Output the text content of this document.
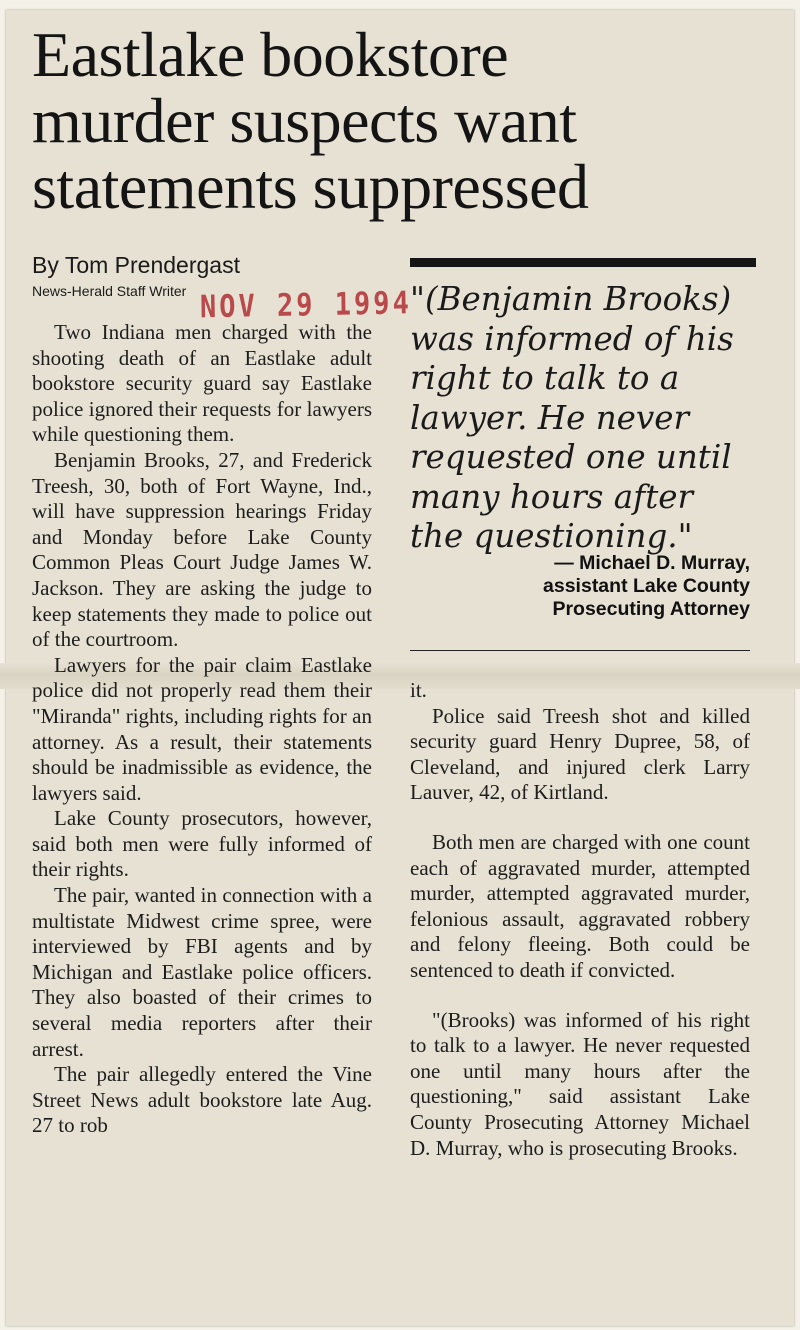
Eastlake bookstore
murder suspects want
statements suppressed
By Tom Prendergast
News-Herald Staff Writer NOV 29 1994

Two Indiana men charged with the shooting death of an Eastlake adult bookstore security guard say Eastlake police ignored their requests for lawyers while questioning them.

Benjamin Brooks, 27, and Frederick Treesh, 30, both of Fort Wayne, Ind., will have suppression hearings Friday and Monday before Lake County Common Pleas Court Judge James W. Jackson. They are asking the judge to keep statements they made to police out of the courtroom.

Lawyers for the pair claim Eastlake police did not properly read them their "Miranda" rights, including rights for an attorney. As a result, their statements should be inadmissible as evidence, the lawyers said.

Lake County prosecutors, however, said both men were fully informed of their rights.

The pair, wanted in connection with a multistate Midwest crime spree, were interviewed by FBI agents and by Michigan and Eastlake police officers. They also boasted of their crimes to several media reporters after their arrest.

The pair allegedly entered the Vine Street News adult bookstore late Aug. 27 to rob

"(Benjamin Brooks) was informed of his right to talk to a lawyer. He never requested one until many hours after the questioning."
— Michael D. Murray,
assistant Lake County
Prosecuting Attorney

it.

Police said Treesh shot and killed security guard Henry Dupree, 58, of Cleveland, and injured clerk Larry Lauver, 42, of Kirtland.

Both men are charged with one count each of aggravated murder, attempted murder, attempted aggravated murder, felonious assault, aggravated robbery and felony fleeing. Both could be sentenced to death if convicted.

"(Brooks) was informed of his right to talk to a lawyer. He never requested one until many hours after the questioning," said assistant Lake County Prosecuting Attorney Michael D. Murray, who is prosecuting Brooks.
